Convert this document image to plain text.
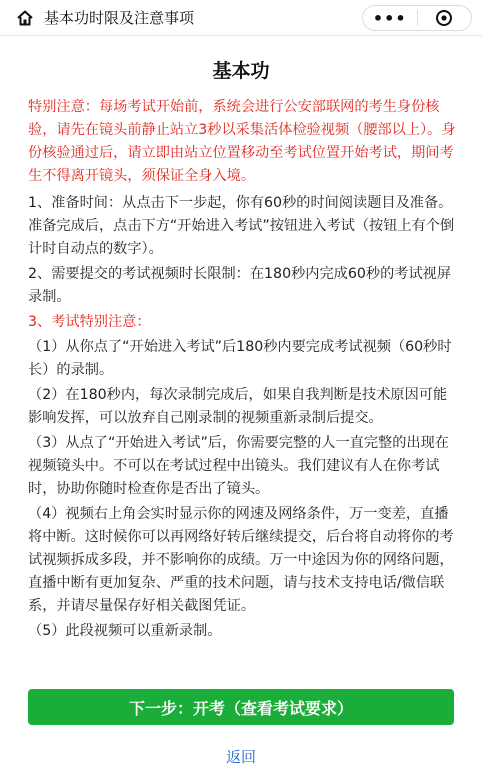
基本功时限及注意事项	•••
基本功

特别注意：每场考试开始前，系统会进行公安部联网的考生身份核验，请先在镜头前静止站立3秒以采集活体检验视频（腰部以上）。身份核验通过后，请立即由站立位置移动至考试位置开始考试，期间考生不得离开镜头，须保证全身入境。

1、准备时间：从点击下一步起，你有60秒的时间阅读题目及准备。准备完成后，点击下方“开始进入考试”按钮进入考试（按钮上有个倒计时自动点的数字）。

2、需要提交的考试视频时长限制：在180秒内完成60秒的考试视屏录制。

3、考试特别注意：

（1）从你点了“开始进入考试”后180秒内要完成考试视频（60秒时长）的录制。

（2）在180秒内，每次录制完成后，如果自我判断是技术原因可能影响发挥，可以放弃自己刚录制的视频重新录制后提交。

（3）从点了“开始进入考试”后，你需要完整的人一直完整的出现在视频镜头中。不可以在考试过程中出镜头。我们建议有人在你考试时，协助你随时检查你是否出了镜头。

（4）视频右上角会实时显示你的网速及网络条件，万一变差，直播将中断。这时候你可以再网络好转后继续提交，后台将自动将你的考试视频拆成多段，并不影响你的成绩。万一中途因为你的网络问题，直播中断有更加复杂、严重的技术问题，请与技术支持电话/微信联系，并请尽量保存好相关截图凭证。

（5）此段视频可以重新录制。

下一步：开考（查看考试要求）
返回
